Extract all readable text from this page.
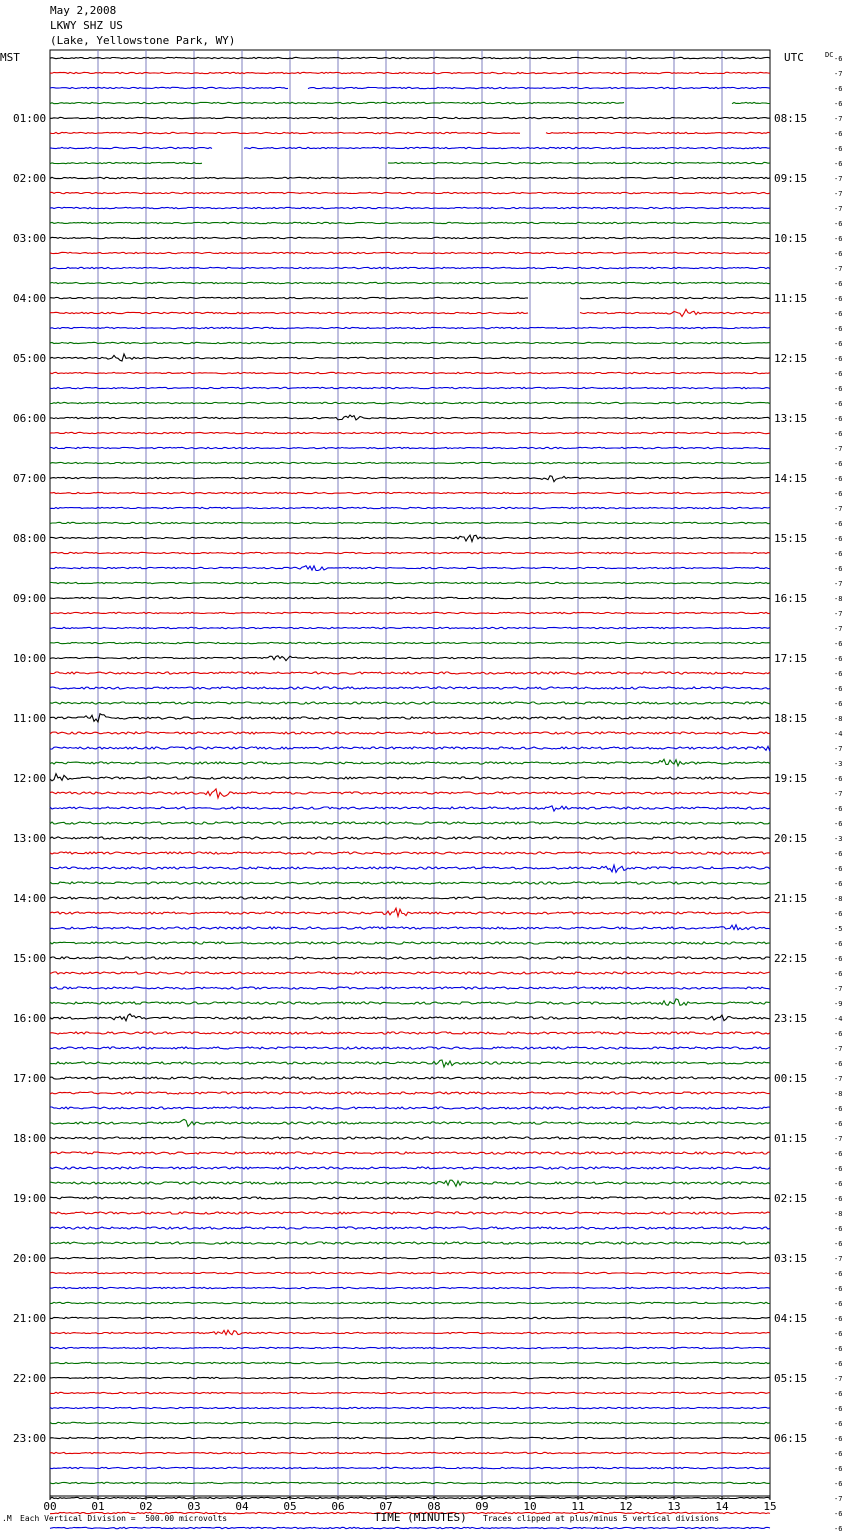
May 2,2008
LKWY SHZ US
(Lake, Yellowstone Park, WY)
MST	UTC	DC
01:00
02:00
03:00
04:00
05:00
06:00
07:00
08:00
09:00
10:00
11:00
12:00
13:00
14:00
15:00
16:00
17:00
18:00
19:00
20:00
21:00
22:00
23:00
08:15
09:15
10:15
11:15
12:15
13:15
14:15
15:15
16:15
17:15
18:15
19:15
20:15
21:15
22:15
23:15
00:15
01:15
02:15
03:15
04:15
05:15
06:15
-6
-7
-6
-6
-7
-6
-6
-6
-7
-7
-7
-6
-6
-6
-7
-6
-6
-6
-6
-6
-6
-6
-6
-6
-6
-6
-7
-6
-6
-6
-7
-6
-6
-6
-6
-7
-8
-7
-7
-6
-6
-6
-6
-6
-8
-4
-7
-3
-6
-7
-6
-6
-3
-6
-6
-6
-8
-6
-5
-6
-6
-6
-7
-9
-4
-6
-7
-6
-7
-8
-6
-6
-7
-6
-6
-6
-6
-8
-6
-6
-7
-6
-6
-6
-6
-6
-6
-6
-7
-6
-6
-6
-6
-6
-6
-6
-7
-6
-6
00	01	02	03	04	05	06	07	08	09	10	11	12	13	14	15
.M Each Vertical Division =  500.00 microvolts	TIME (MINUTES) Traces clipped at plus/minus 5 vertical divisions
